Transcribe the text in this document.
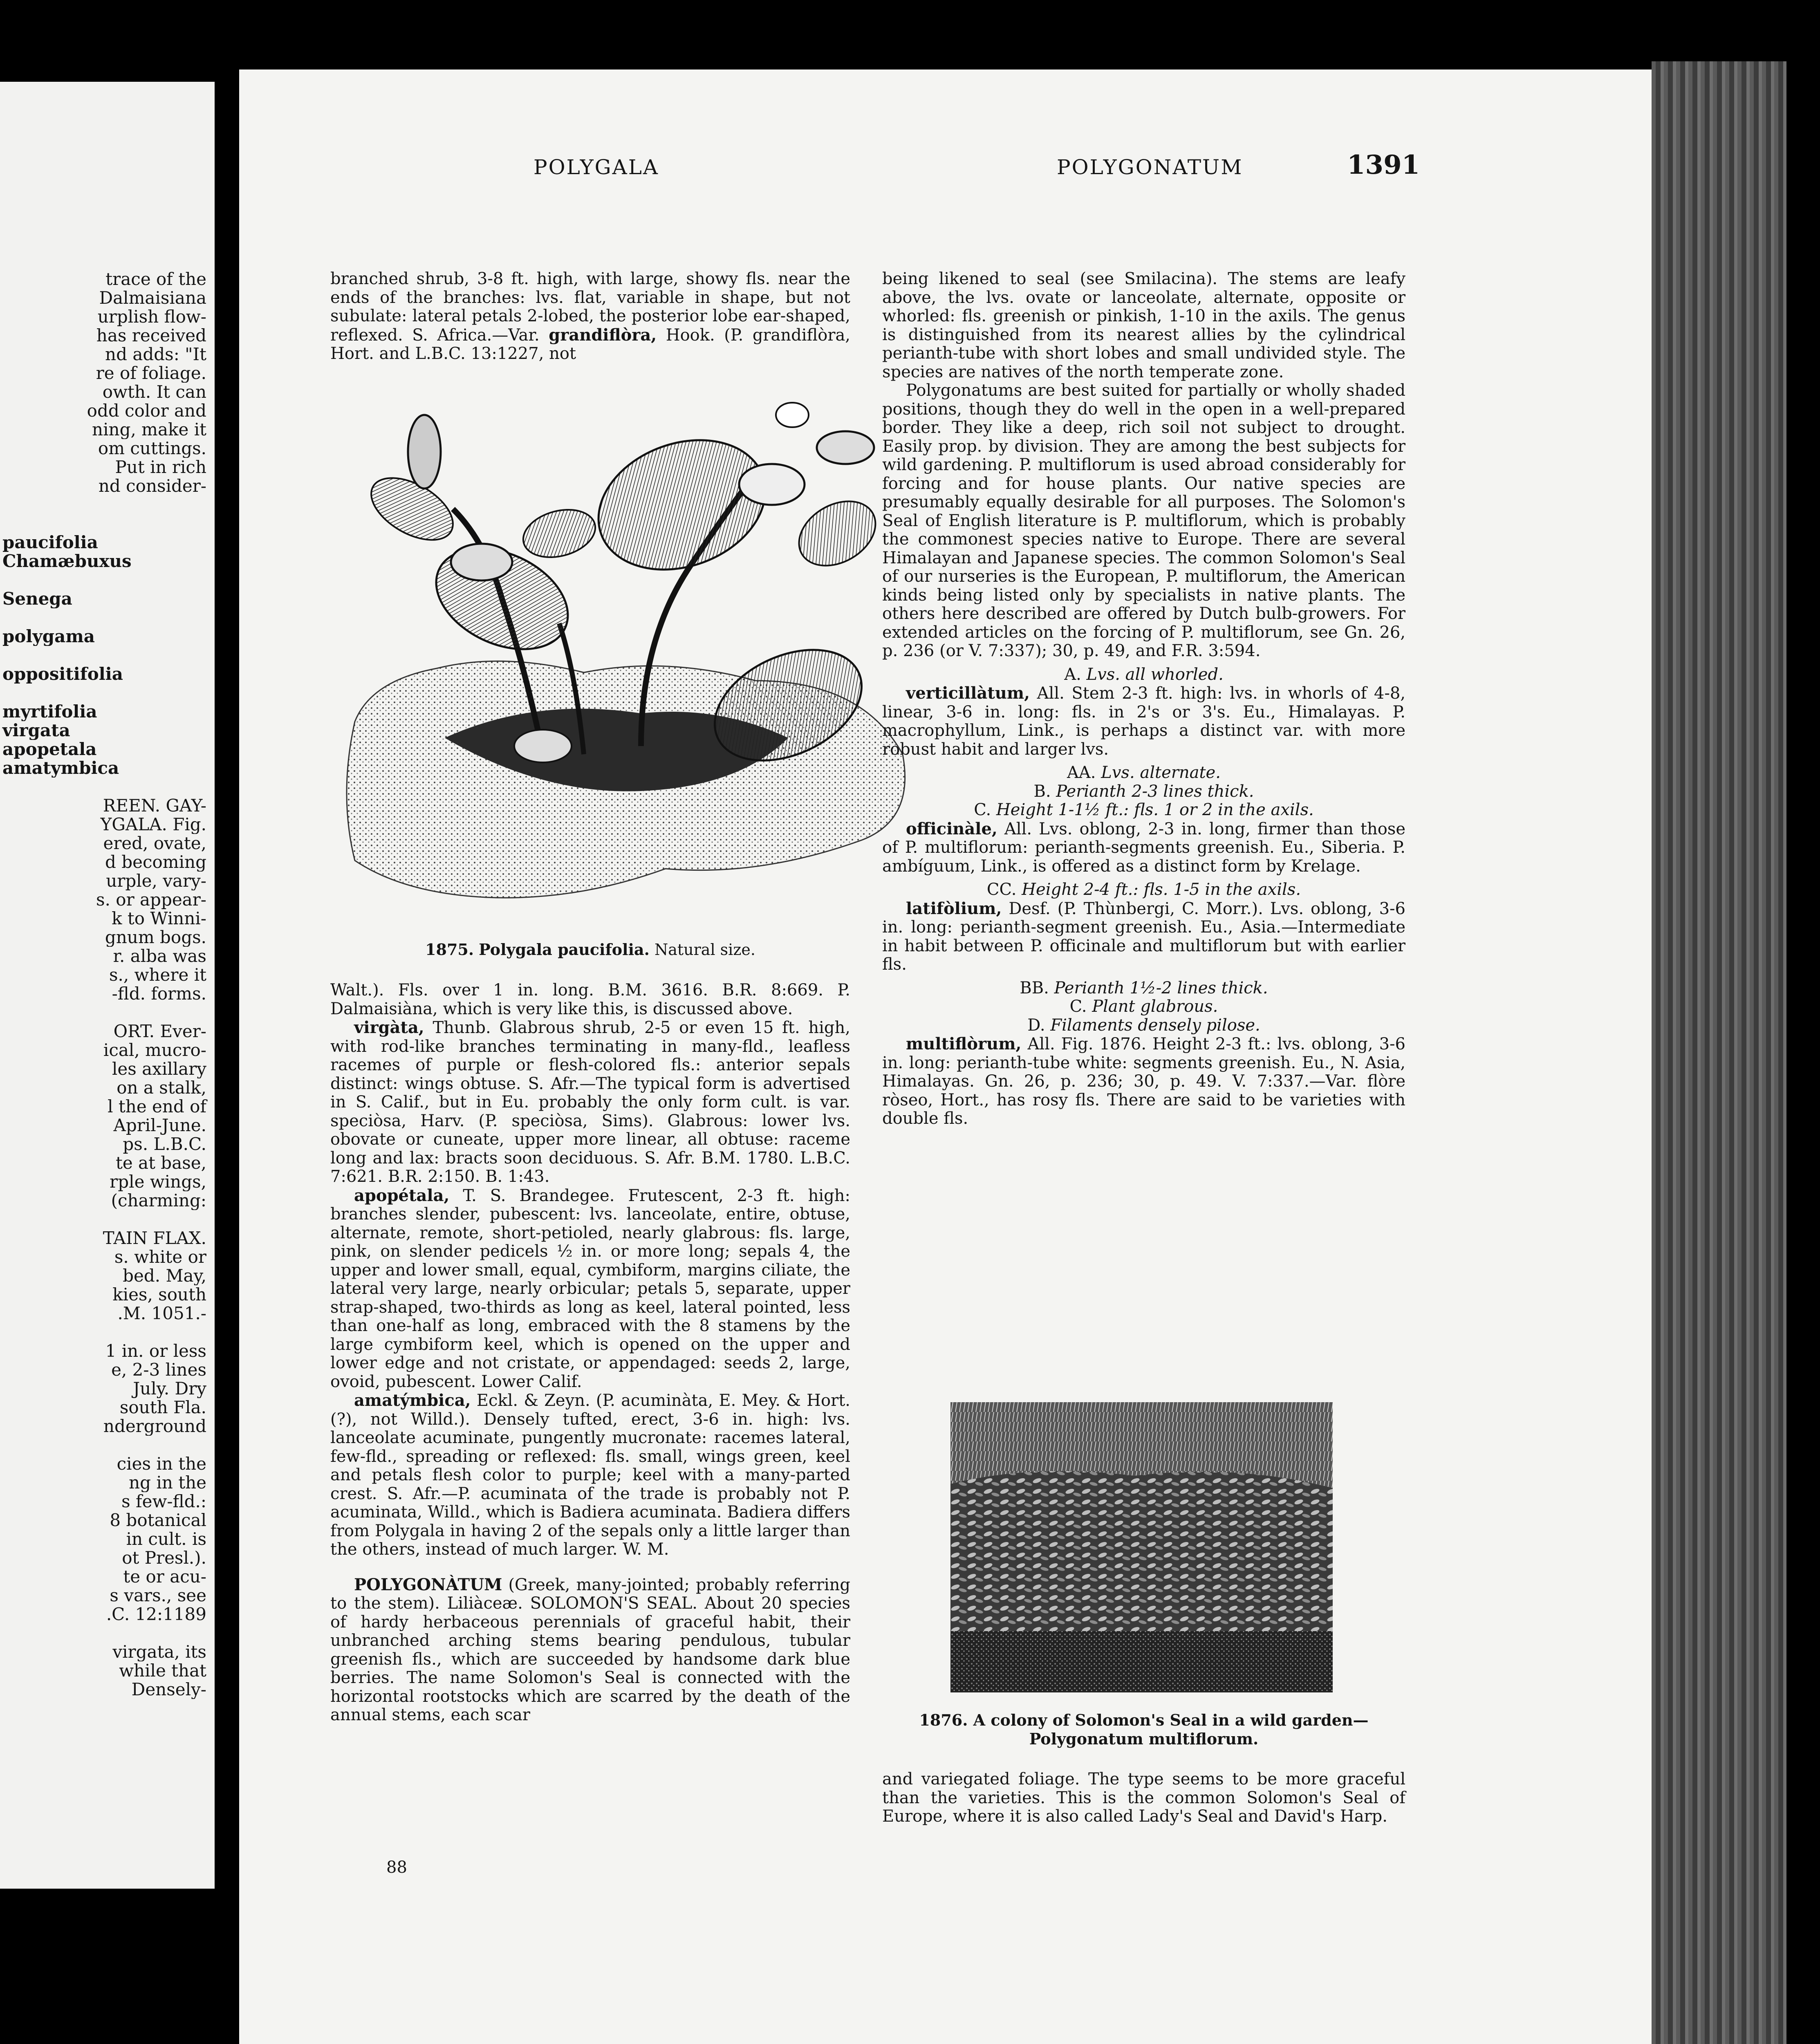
trace of the
Dalmaisiana
urplish flow-
has received
nd adds: "It
re of foliage.
owth. It can
odd color and
ning, make it
om cuttings.
Put in rich
nd consider-
paucifolia
Chamæbuxus
Senega
polygama
oppositifolia
myrtifolia
virgata
apopetala
amatymbica
REEN. GAY-
YGALA. Fig.
ered, ovate,
d becoming
urple, vary-
s. or appear-
k to Winni-
gnum bogs.
r. alba was
s., where it
-fld. forms.
ORT. Ever-
ical, mucro-
les axillary
on a stalk,
l the end of
April-June.
ps. L.B.C.
te at base,
rple wings,
(charming:
TAIN FLAX.
s. white or
bed. May,
kies, south
.M. 1051.-
1 in. or less
e, 2-3 lines
July. Dry
south Fla.
nderground
cies in the
ng in the
s few-fld.:
8 botanical
in cult. is
ot Presl.).
te or acu-
s vars., see
.C. 12:1189
virgata, its
while that
Densely-
POLYGALA	POLYGONATUM	1391

branched shrub, 3-8 ft. high, with large, showy fls. near the ends of the branches: lvs. flat, variable in shape, but not subulate: lateral petals 2-lobed, the posterior lobe ear-shaped, reflexed. S. Africa.—Var. grandiflòra, Hook. (P. grandiflòra, Hort. and L.B.C. 13:1227, not

1875. Polygala paucifolia. Natural size.

Walt.). Fls. over 1 in. long. B.M. 3616. B.R. 8:669. P. Dalmaisiàna, which is very like this, is discussed above.

virgàta, Thunb. Glabrous shrub, 2-5 or even 15 ft. high, with rod-like branches terminating in many-fld., leafless racemes of purple or flesh-colored fls.: anterior sepals distinct: wings obtuse. S. Afr.—The typical form is advertised in S. Calif., but in Eu. probably the only form cult. is var. speciòsa, Harv. (P. speciòsa, Sims). Glabrous: lower lvs. obovate or cuneate, upper more linear, all obtuse: raceme long and lax: bracts soon deciduous. S. Afr. B.M. 1780. L.B.C. 7:621. B.R. 2:150. B. 1:43.

apopétala, T. S. Brandegee. Frutescent, 2-3 ft. high: branches slender, pubescent: lvs. lanceolate, entire, obtuse, alternate, remote, short-petioled, nearly glabrous: fls. large, pink, on slender pedicels ½ in. or more long; sepals 4, the upper and lower small, equal, cymbiform, margins ciliate, the lateral very large, nearly orbicular; petals 5, separate, upper strap-shaped, two-thirds as long as keel, lateral pointed, less than one-half as long, embraced with the 8 stamens by the large cymbiform keel, which is opened on the upper and lower edge and not cristate, or appendaged: seeds 2, large, ovoid, pubescent. Lower Calif.

amatýmbica, Eckl. & Zeyn. (P. acuminàta, E. Mey. & Hort. (?), not Willd.). Densely tufted, erect, 3-6 in. high: lvs. lanceolate acuminate, pungently mucronate: racemes lateral, few-fld., spreading or reflexed: fls. small, wings green, keel and petals flesh color to purple; keel with a many-parted crest. S. Afr.—P. acuminata of the trade is probably not P. acuminata, Willd., which is Badiera acuminata. Badiera differs from Polygala in having 2 of the sepals only a little larger than the others, instead of much larger. W. M.

POLYGONÀTUM (Greek, many-jointed; probably referring to the stem). Liliàceæ. SOLOMON'S SEAL. About 20 species of hardy herbaceous perennials of graceful habit, their unbranched arching stems bearing pendulous, tubular greenish fls., which are succeeded by handsome dark blue berries. The name Solomon's Seal is connected with the horizontal rootstocks which are scarred by the death of the annual stems, each scar

88

being likened to seal (see Smilacina). The stems are leafy above, the lvs. ovate or lanceolate, alternate, opposite or whorled: fls. greenish or pinkish, 1-10 in the axils. The genus is distinguished from its nearest allies by the cylindrical perianth-tube with short lobes and small undivided style. The species are natives of the north temperate zone.

Polygonatums are best suited for partially or wholly shaded positions, though they do well in the open in a well-prepared border. They like a deep, rich soil not subject to drought. Easily prop. by division. They are among the best subjects for wild gardening. P. multiflorum is used abroad considerably for forcing and for house plants. Our native species are presumably equally desirable for all purposes. The Solomon's Seal of English literature is P. multiflorum, which is probably the commonest species native to Europe. There are several Himalayan and Japanese species. The common Solomon's Seal of our nurseries is the European, P. multiflorum, the American kinds being listed only by specialists in native plants. The others here described are offered by Dutch bulb-growers. For extended articles on the forcing of P. multiflorum, see Gn. 26, p. 236 (or V. 7:337); 30, p. 49, and F.R. 3:594.

A. Lvs. all whorled.

verticillàtum, All. Stem 2-3 ft. high: lvs. in whorls of 4-8, linear, 3-6 in. long: fls. in 2's or 3's. Eu., Himalayas. P. macrophyllum, Link., is perhaps a distinct var. with more robust habit and larger lvs.

AA. Lvs. alternate.

B. Perianth 2-3 lines thick.

C. Height 1-1½ ft.: fls. 1 or 2 in the axils.

officinàle, All. Lvs. oblong, 2-3 in. long, firmer than those of P. multiflorum: perianth-segments greenish. Eu., Siberia. P. ambíguum, Link., is offered as a distinct form by Krelage.

CC. Height 2-4 ft.: fls. 1-5 in the axils.

latifòlium, Desf. (P. Thùnbergi, C. Morr.). Lvs. oblong, 3-6 in. long: perianth-segment greenish. Eu., Asia.—Intermediate in habit between P. officinale and multiflorum but with earlier fls.

BB. Perianth 1½-2 lines thick.

C. Plant glabrous.

D. Filaments densely pilose.

multiflòrum, All. Fig. 1876. Height 2-3 ft.: lvs. oblong, 3-6 in. long: perianth-tube white: segments greenish. Eu., N. Asia, Himalayas. Gn. 26, p. 236; 30, p. 49. V. 7:337.—Var. flòre ròseo, Hort., has rosy fls. There are said to be varieties with double fls.

1876. A colony of Solomon's Seal in a wild garden—
Polygonatum multiflorum.

and variegated foliage. The type seems to be more graceful than the varieties. This is the common Solomon's Seal of Europe, where it is also called Lady's Seal and David's Harp.
